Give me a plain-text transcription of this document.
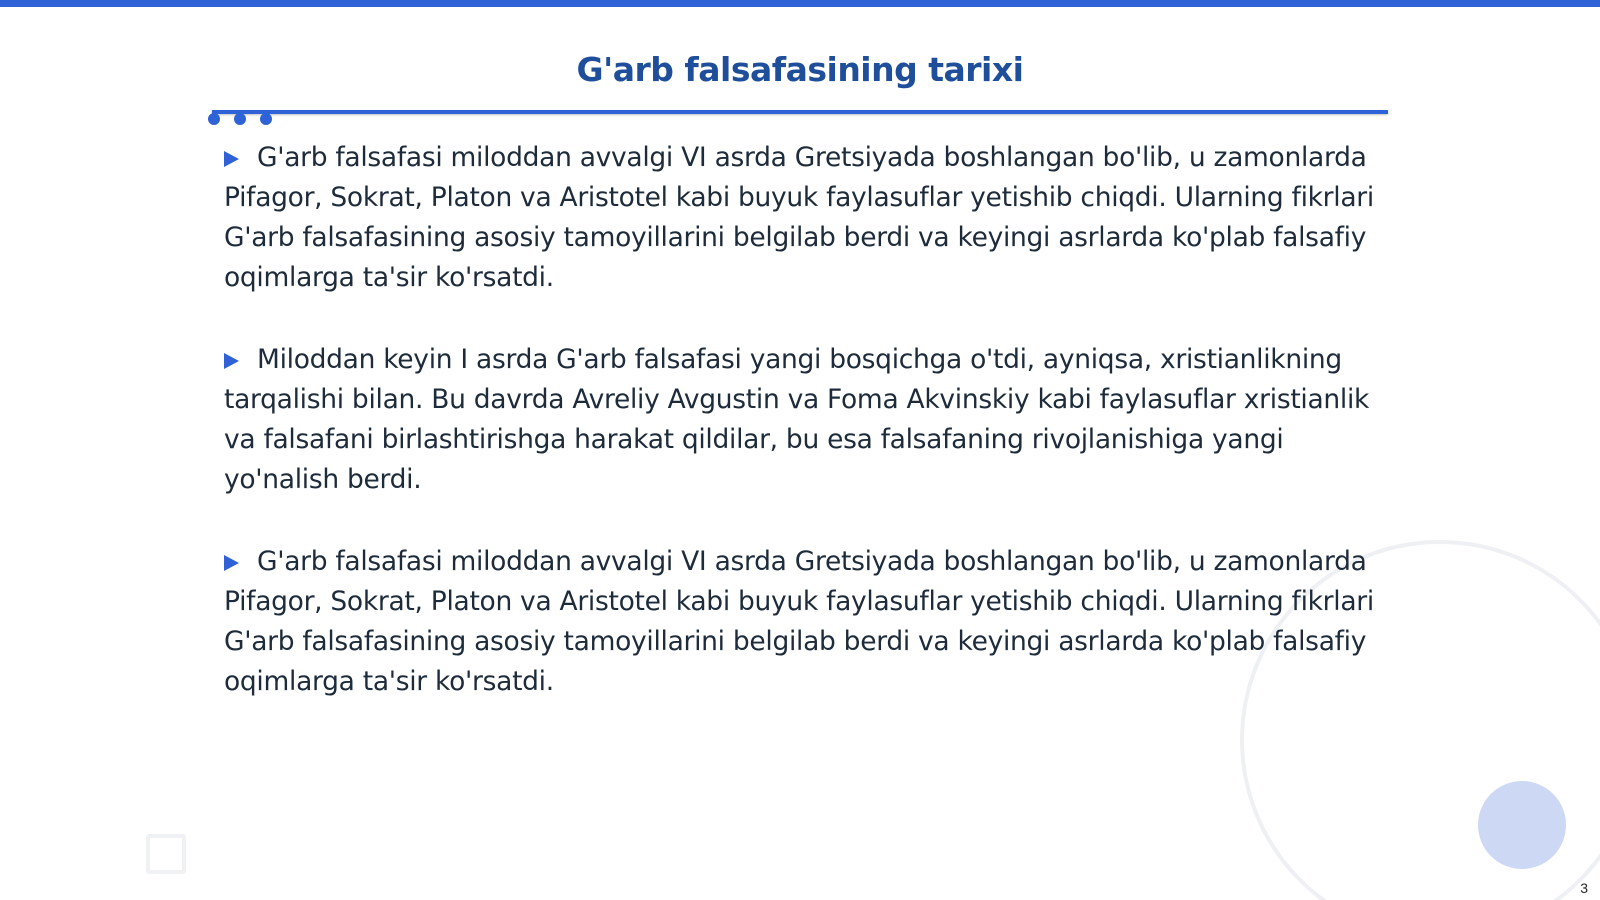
G'arb falsafasining tarixi

G'arb falsafasi miloddan avvalgi VI asrda Gretsiyada boshlangan bo'lib, u zamonlarda Pifagor, Sokrat, Platon va Aristotel kabi buyuk faylasuflar yetishib chiqdi. Ularning fikrlari G'arb falsafasining asosiy tamoyillarini belgilab berdi va keyingi asrlarda ko'plab falsafiy oqimlarga ta'sir ko'rsatdi.

Miloddan keyin I asrda G'arb falsafasi yangi bosqichga o'tdi, ayniqsa, xristianlikning tarqalishi bilan. Bu davrda Avreliy Avgustin va Foma Akvinskiy kabi faylasuflar xristianlik va falsafani birlashtirishga harakat qildilar, bu esa falsafaning rivojlanishiga yangi yo'nalish berdi.

G'arb falsafasi miloddan avvalgi VI asrda Gretsiyada boshlangan bo'lib, u zamonlarda Pifagor, Sokrat, Platon va Aristotel kabi buyuk faylasuflar yetishib chiqdi. Ularning fikrlari G'arb falsafasining asosiy tamoyillarini belgilab berdi va keyingi asrlarda ko'plab falsafiy oqimlarga ta'sir ko'rsatdi.

3
